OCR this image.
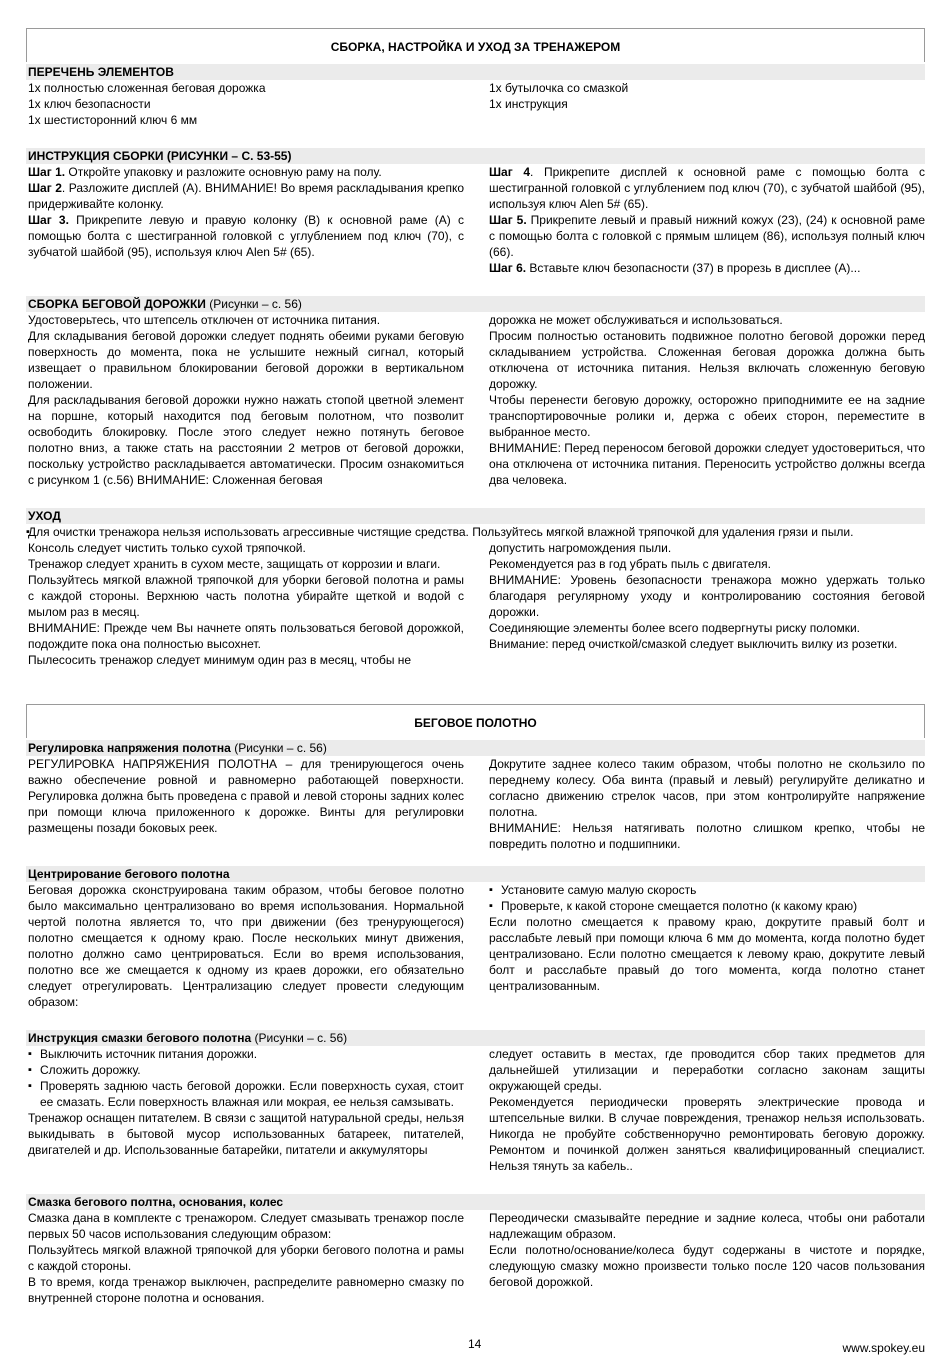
СБОРКА, НАСТРОЙКА И УХОД ЗА ТРЕНАЖЕРОМ
ПЕРЕЧЕНЬ ЭЛЕМЕНТОВ

1x полностью сложенная беговая дорожка

1x ключ безопасности

1x шестисторонний ключ 6 мм

1x бутылочка со смазкой

1x инструкция

ИНСТРУКЦИЯ СБОРКИ (РИСУНКИ – С. 53-55)

Шаг 1. Откройте упаковку и разложите основную раму на полу.

Шаг 2. Разложите дисплей (А). ВНИМАНИЕ! Во время раскладывания крепко придерживайте колонку.

Шаг 3. Прикрепите левую и правую колонку (B) к основной раме (A) с помощью болта с шестигранной головкой с углублением под ключ (70), с зубчатой шайбой (95), используя ключ Alen 5# (65).

Шаг 4. Прикрепите дисплей к основной раме с помощью болта с шестигранной головкой с углублением под ключ (70), с зубчатой шайбой (95), используя ключ Alen 5# (65).

Шаг 5. Прикрепите левый и правый нижний кожух (23), (24) к основной раме с помощью болта с головкой с прямым шлицем (86), используя полный ключ (66).

Шаг 6. Вставьте ключ безопасности (37) в прорезь в дисплее (A)...

СБОРКА БЕГОВОЙ ДОРОЖКИ (Рисунки – с. 56)

Удостоверьтесь, что штепсель отключен от источника питания.

Для складывания беговой дорожки следует поднять обеими руками беговую поверхность до момента, пока не услышите нежный сигнал, который извещает о правильном блокировании беговой дорожки в вертикальном положении.

Для раскладывания беговой дорожки нужно нажать стопой цветной элемент на поршне, который находится под беговым полотном, что позволит освободить блокировку. После этого следует нежно потянуть беговое полотно вниз, а также стать на расстоянии 2 метров от беговой дорожки, поскольку устройство раскладывается автоматически. Просим ознакомиться с рисунком 1 (с.56) ВНИМАНИЕ: Сложенная беговая

дорожка не может обслуживаться и использоваться.

Просим полностью остановить подвижное полотно беговой дорожки перед складыванием устройства. Сложенная беговая дорожка должна быть отключена от источника питания. Нельзя включать сложенную беговую дорожку.

Чтобы перенести беговую дорожку, осторожно приподнимите ее на задние транспортировочные ролики и, держа с обеих сторон, переместите в выбранное место.

ВНИМАНИЕ: Перед переносом беговой дорожки следует удостовериться, что она отключена от источника питания. Переносить устройство должны всегда два человека.

УХОД
▪ Для очистки тренажора нельзя использовать агрессивные чистящие средства. Пользуйтесь мягкой влажной тряпочкой для удаления грязи и пыли.

Консоль следует чистить только сухой тряпочкой.

Тренажор следует хранить в сухом месте, защищать от коррозии и влаги.

Пользуйтесь мягкой влажной тряпочкой для уборки беговой полотна и рамы с каждой стороны. Верхнюю часть полотна убирайте щеткой и водой с мылом раз в месяц.

ВНИМАНИЕ: Прежде чем Вы начнете опять пользоваться беговой дорожкой, подождите пока она полностью высохнет.

Пылесосить тренажор следует минимум один раз в месяц, чтобы не

допустить нагромождения пыли.

Рекомендуется раз в год убрать пыль с двигателя.

ВНИМАНИЕ: Уровень безопасности тренажора можно удержать только благодаря регулярному уходу и контролированию состояния беговой дорожки.

Соединяющие элементы более всего подвергнуты риску поломки.

Внимание: перед очисткой/смазкой следует выключить вилку из розетки.

БЕГОВОЕ ПОЛОТНО
Регулировка напряжения полотна (Рисунки – с. 56)

РЕГУЛИРОВКА НАПРЯЖЕНИЯ ПОЛОТНА – для тренирующегося очень важно обеспечение ровной и равномерно работающей поверхности. Регулировка должна быть проведена с правой и левой стороны задних колес при помощи ключа приложенного к дорожке. Винты для регулировки размещены позади боковых реек.

Докрутите заднее колесо таким образом, чтобы полотно не скользило по переднему колесу. Оба винта (правый и левый) регулируйте деликатно и согласно движению стрелок часов, при этом контролируйте напряжение полотна.

ВНИМАНИЕ: Нельзя натягивать полотно слишком крепко, чтобы не повредить полотно и подшипники.

Центрирование бегового полотна

Беговая дорожка сконструирована таким образом, чтобы беговое полотно было максимально централизовано во время использования. Нормальной чертой полотна является то, что при движении (без тренурующегося) полотно смещается к одному краю. После нескольких минут движения, полотно должно само центрироваться. Если во время использования, полотно все же смещается к одному из краев дорожки, его обязательно следует отрегулировать. Централизацию следует провести следующим образом:

▪ Установите самую малую скорость

▪ Проверьте, к какой стороне смещается полотно (к какому краю)

Если полотно смещается к правому краю, докрутите правый болт и расслабьте левый при помощи ключа 6 мм до момента, когда полотно будет централизовано. Если полотно смещается к левому краю, докрутите левый болт и расслабьте правый до того момента, когда полотно станет централизованным.

Инструкция смазки бегового полотна (Рисунки – с. 56)

▪ Выключить источник питания дорожки.

▪ Сложить дорожку.

▪ Проверять заднюю часть беговой дорожки. Если поверхность сухая, стоит ее смазать. Если поверхность влажная или мокрая, ее нельзя самзывать.

Тренажор оснащен питателем. В связи с защитой натуральной среды, нельзя выкидывать в бытовой мусор использованных батареек, питателей, двигателей и др. Использованные батарейки, питатели и аккумуляторы

следует оставить в местах, где проводится сбор таких предметов для дальнейшей утилизации и переработки согласно законам защиты окружающей среды.

Рекомендуется периодически проверять электрические провода и штепсельные вилки. В случае повреждения, тренажор нельзя использовать. Никогда не пробуйте собственноручно ремонтировать беговую дорожку. Ремонтом и починкой должен заняться квалифицированный специалист. Нельзя тянуть за кабель..

Смазка бегового полтна, основания, колес

Смазка дана в комплекте с тренажором. Следует смазывать тренажор после первых 50 часов использования следующим образом:

Пользуйтесь мягкой влажной тряпочкой для уборки бегового полотна и рамы с каждой стороны.

В то время, когда тренажор выключен, распределите равномерно смазку по внутренней стороне полотна и основания.

Переодически смазывайте передние и задние колеса, чтобы они работали надлежащим образом.

Если полотно/основание/колеса будут содержаны в чистоте и порядке, следующую смазку можно произвести только после 120 часов пользования беговой дорожкой.

14	www.spokey.eu
